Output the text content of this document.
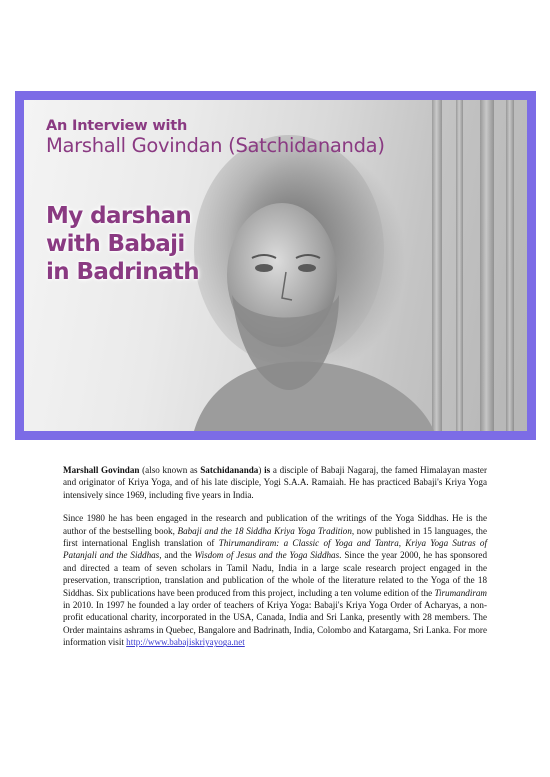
An Interview with

Marshall Govindan (Satchidananda)

My darshan
with Babaji
in Badrinath

Marshall Govindan (also known as Satchidananda) is a disciple of Babaji Nagaraj, the famed Himalayan master and originator of Kriya Yoga, and of his late disciple, Yogi S.A.A. Ramaiah. He has practiced Babaji's Kriya Yoga intensively since 1969, including five years in India.

Since 1980 he has been engaged in the research and publication of the writings of the Yoga Siddhas. He is the author of the bestselling book, Babaji and the 18 Siddha Kriya Yoga Tradition, now published in 15 languages, the first international English translation of Thirumandiram: a Classic of Yoga and Tantra, Kriya Yoga Sutras of Patanjali and the Siddhas, and the Wisdom of Jesus and the Yoga Siddhas. Since the year 2000, he has sponsored and directed a team of seven scholars in Tamil Nadu, India in a large scale research project engaged in the preservation, transcription, translation and publication of the whole of the literature related to the Yoga of the 18 Siddhas. Six publications have been produced from this project, including a ten volume edition of the Tirumandiram in 2010. In 1997 he founded a lay order of teachers of Kriya Yoga: Babaji's Kriya Yoga Order of Acharyas, a non-profit educational charity, incorporated in the USA, Canada, India and Sri Lanka, presently with 28 members. The Order maintains ashrams in Quebec, Bangalore and Badrinath, India, Colombo and Katargama, Sri Lanka. For more information visit http://www.babajiskriyayoga.net
